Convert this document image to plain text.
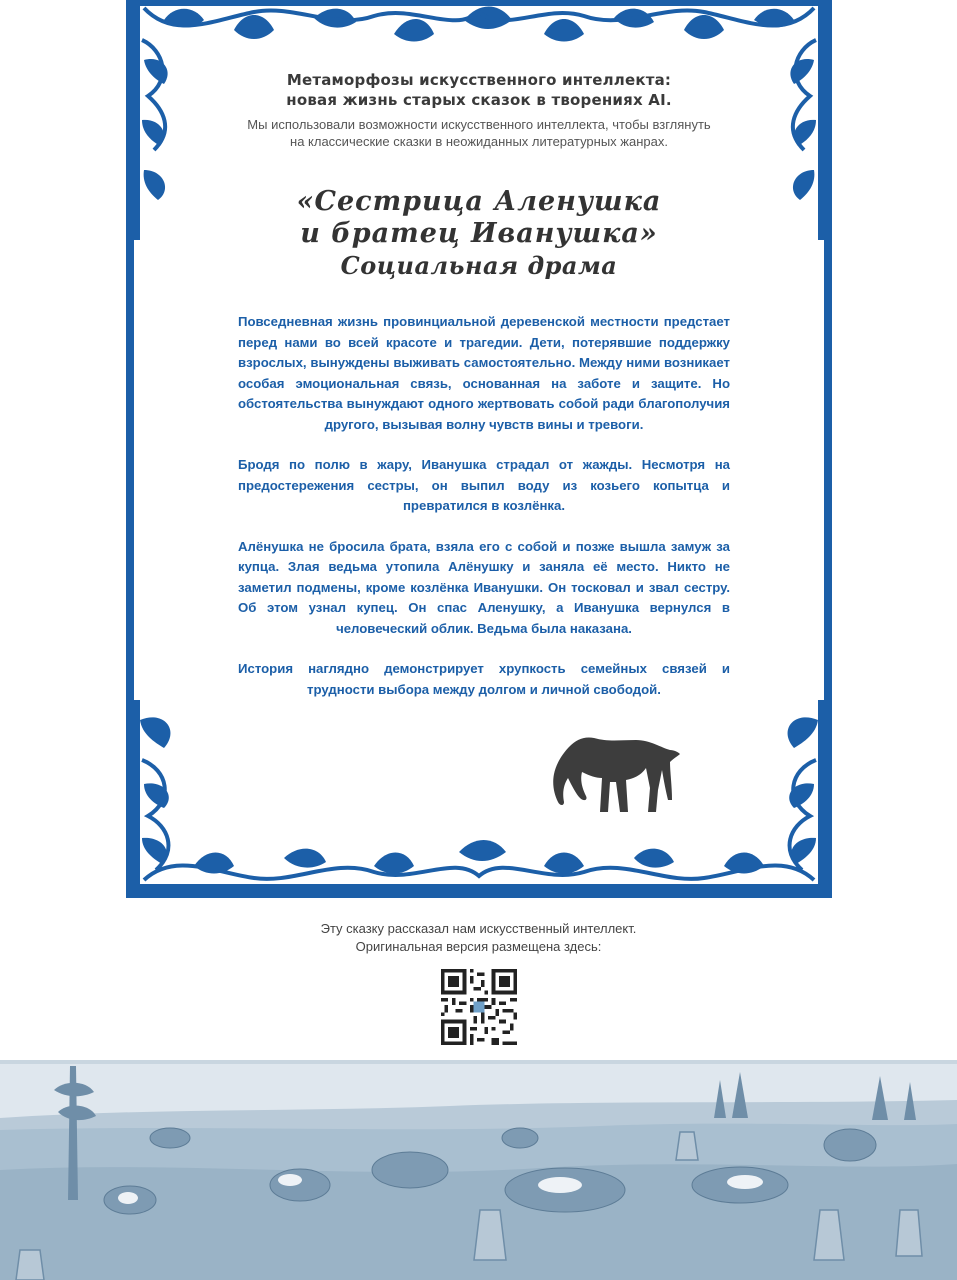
Метаморфозы искусственного интеллекта:
новая жизнь старых сказок в творениях AI.
Мы использовали возможности искусственного интеллекта, чтобы взглянуть
на классические сказки в неожиданных литературных жанрах.
«Сестрица Аленушка
и братец Иванушка»
Социальная драма

Повседневная жизнь провинциальной деревенской местности предстает перед нами во всей красоте и трагедии. Дети, потерявшие поддержку взрослых, вынуждены выживать самостоятельно. Между ними возникает особая эмоциональная связь, основанная на заботе и защите. Но обстоятельства вынуждают одного жертвовать собой ради благополучия другого, вызывая волну чувств вины и тревоги.

Бродя по полю в жару, Иванушка страдал от жажды. Несмотря на предостережения сестры, он выпил воду из козьего копытца и превратился в козлёнка.

Алёнушка не бросила брата, взяла его с собой и позже вышла замуж за купца. Злая ведьма утопила Алёнушку и заняла её место. Никто не заметил подмены, кроме козлёнка Иванушки. Он тосковал и звал сестру. Об этом узнал купец. Он спас Аленушку, а Иванушка вернулся в человеческий облик. Ведьма была наказана.

История наглядно демонстрирует хрупкость семейных связей и трудности выбора между долгом и личной свободой.

Эту сказку рассказал нам искусственный интеллект.
Оригинальная версия размещена здесь:
